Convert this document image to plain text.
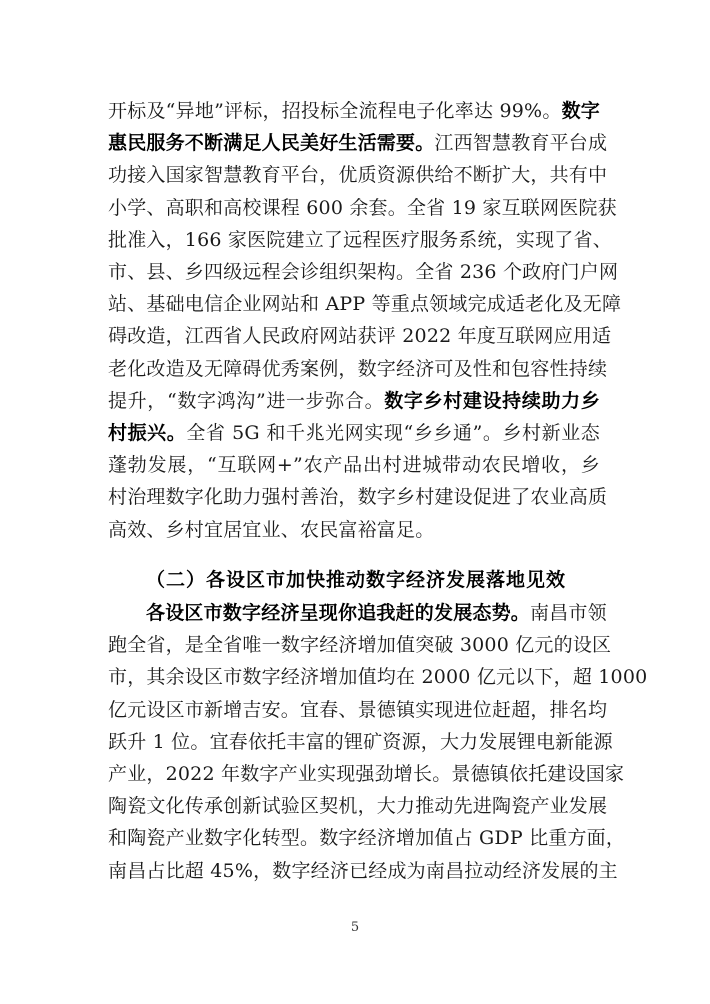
开标及“异地”评标，招投标全流程电子化率达 99%。数字
惠民服务不断满足人民美好生活需要。江西智慧教育平台成
功接入国家智慧教育平台，优质资源供给不断扩大，共有中
小学、高职和高校课程 600 余套。全省 19 家互联网医院获
批准入，166 家医院建立了远程医疗服务系统，实现了省、
市、县、乡四级远程会诊组织架构。全省 236 个政府门户网
站、基础电信企业网站和 APP 等重点领域完成适老化及无障
碍改造，江西省人民政府网站获评 2022 年度互联网应用适
老化改造及无障碍优秀案例，数字经济可及性和包容性持续
提升，“数字鸿沟”进一步弥合。数字乡村建设持续助力乡
村振兴。全省 5G 和千兆光网实现“乡乡通”。乡村新业态
蓬勃发展，“互联网+”农产品出村进城带动农民增收，乡
村治理数字化助力强村善治，数字乡村建设促进了农业高质
高效、乡村宜居宜业、农民富裕富足。
（二）各设区市加快推动数字经济发展落地见效
各设区市数字经济呈现你追我赶的发展态势。南昌市领
跑全省，是全省唯一数字经济增加值突破 3000 亿元的设区
市，其余设区市数字经济增加值均在 2000 亿元以下，超 1000
亿元设区市新增吉安。宜春、景德镇实现进位赶超，排名均
跃升 1 位。宜春依托丰富的锂矿资源，大力发展锂电新能源
产业，2022 年数字产业实现强劲增长。景德镇依托建设国家
陶瓷文化传承创新试验区契机，大力推动先进陶瓷产业发展
和陶瓷产业数字化转型。数字经济增加值占 GDP 比重方面，
南昌占比超 45%，数字经济已经成为南昌拉动经济发展的主
5
